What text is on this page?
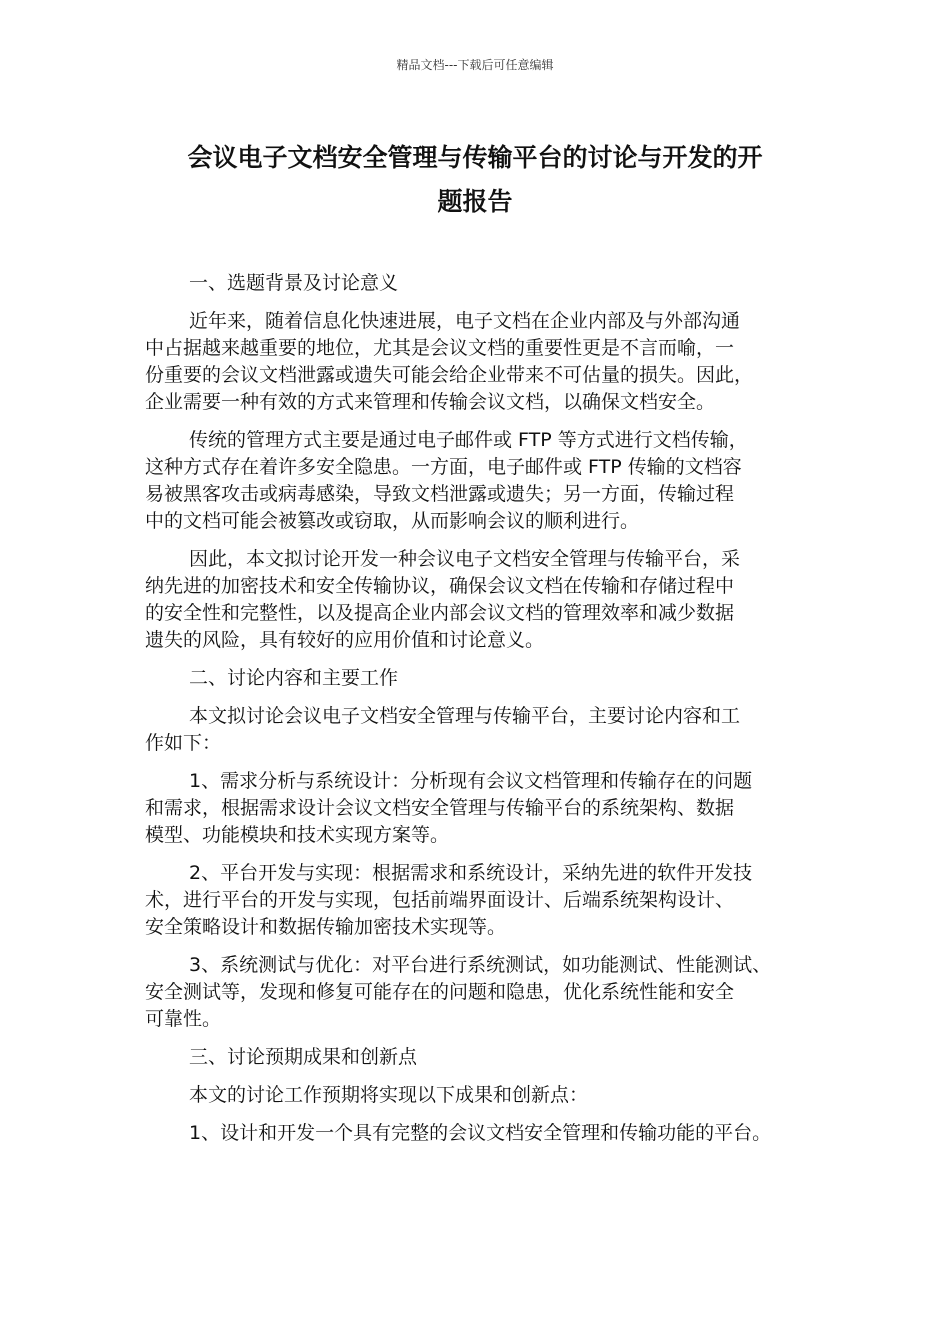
精品文档---下载后可任意编辑
会议电子文档安全管理与传输平台的讨论与开发的开
题报告
一、选题背景及讨论意义
近年来，随着信息化快速进展，电子文档在企业内部及与外部沟通
中占据越来越重要的地位，尤其是会议文档的重要性更是不言而喻，一
份重要的会议文档泄露或遗失可能会给企业带来不可估量的损失。因此，
企业需要一种有效的方式来管理和传输会议文档，以确保文档安全。
传统的管理方式主要是通过电子邮件或 FTP 等方式进行文档传输，
这种方式存在着许多安全隐患。一方面，电子邮件或 FTP 传输的文档容
易被黑客攻击或病毒感染，导致文档泄露或遗失；另一方面，传输过程
中的文档可能会被篡改或窃取，从而影响会议的顺利进行。
因此，本文拟讨论开发一种会议电子文档安全管理与传输平台，采
纳先进的加密技术和安全传输协议，确保会议文档在传输和存储过程中
的安全性和完整性，以及提高企业内部会议文档的管理效率和减少数据
遗失的风险，具有较好的应用价值和讨论意义。
二、讨论内容和主要工作
本文拟讨论会议电子文档安全管理与传输平台，主要讨论内容和工
作如下：
1、需求分析与系统设计：分析现有会议文档管理和传输存在的问题
和需求，根据需求设计会议文档安全管理与传输平台的系统架构、数据
模型、功能模块和技术实现方案等。
2、平台开发与实现：根据需求和系统设计，采纳先进的软件开发技
术，进行平台的开发与实现，包括前端界面设计、后端系统架构设计、
安全策略设计和数据传输加密技术实现等。
3、系统测试与优化：对平台进行系统测试，如功能测试、性能测试、
安全测试等，发现和修复可能存在的问题和隐患，优化系统性能和安全
可靠性。
三、讨论预期成果和创新点
本文的讨论工作预期将实现以下成果和创新点：
1、设计和开发一个具有完整的会议文档安全管理和传输功能的平台。
